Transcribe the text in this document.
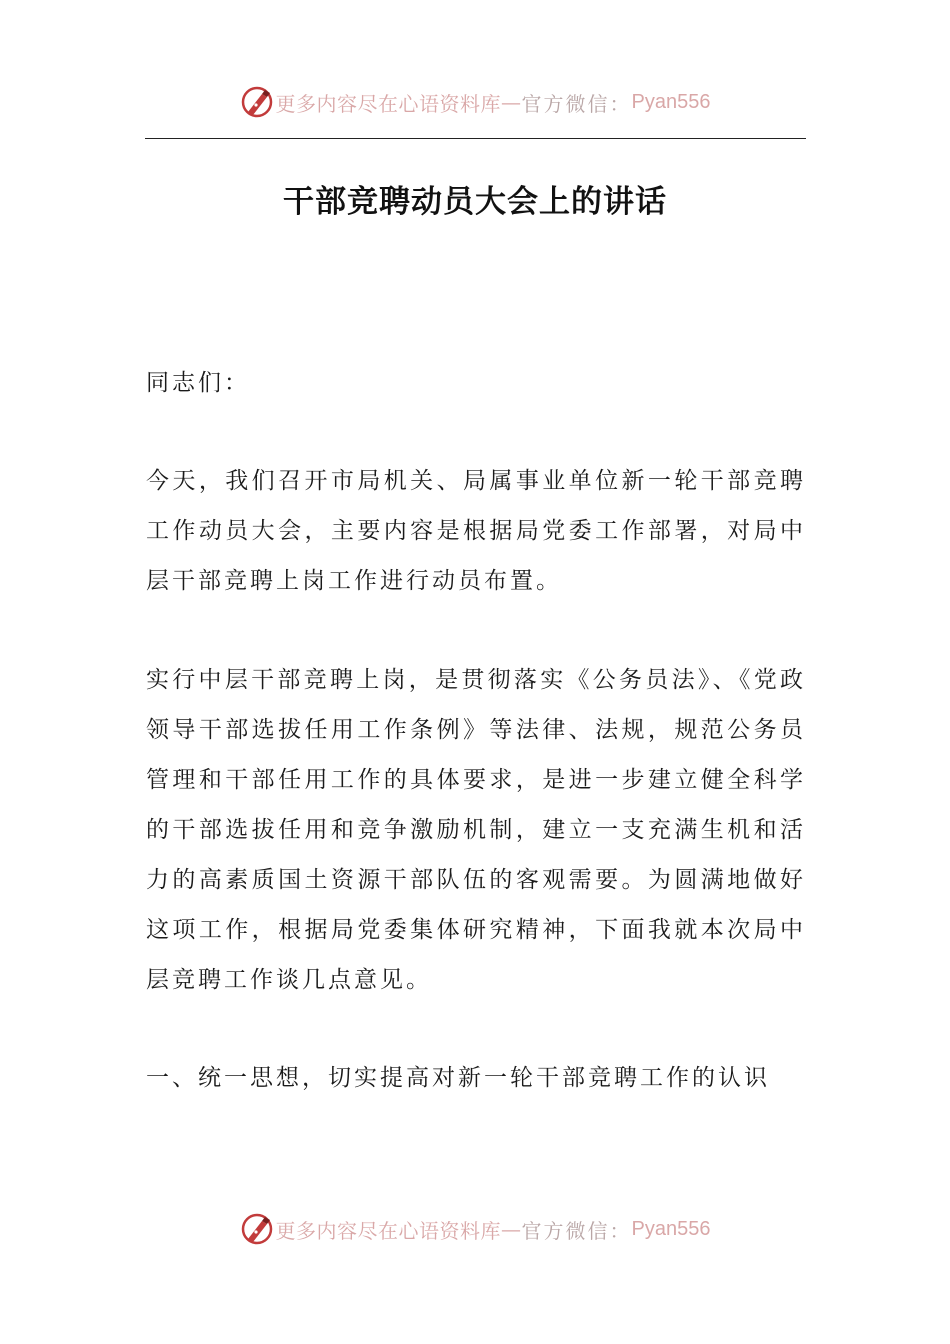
更多内容尽在心语资料库 — 官方微信： Pyan556
干部竞聘动员大会上的讲话

同志们：

今天，我们召开市局机关、局属事业单位新一轮干部竞聘工作动员大会，主要内容是根据局党委工作部署，对局中层干部竞聘上岗工作进行动员布置。

实行中层干部竞聘上岗，是贯彻落实《公务员法》、《党政领导干部选拔任用工作条例》等法律、法规，规范公务员管理和干部任用工作的具体要求，是进一步建立健全科学的干部选拔任用和竞争激励机制，建立一支充满生机和活力的高素质国土资源干部队伍的客观需要。为圆满地做好这项工作，根据局党委集体研究精神，下面我就本次局中层竞聘工作谈几点意见。

一、统一思想，切实提高对新一轮干部竞聘工作的认识

更多内容尽在心语资料库 — 官方微信： Pyan556
